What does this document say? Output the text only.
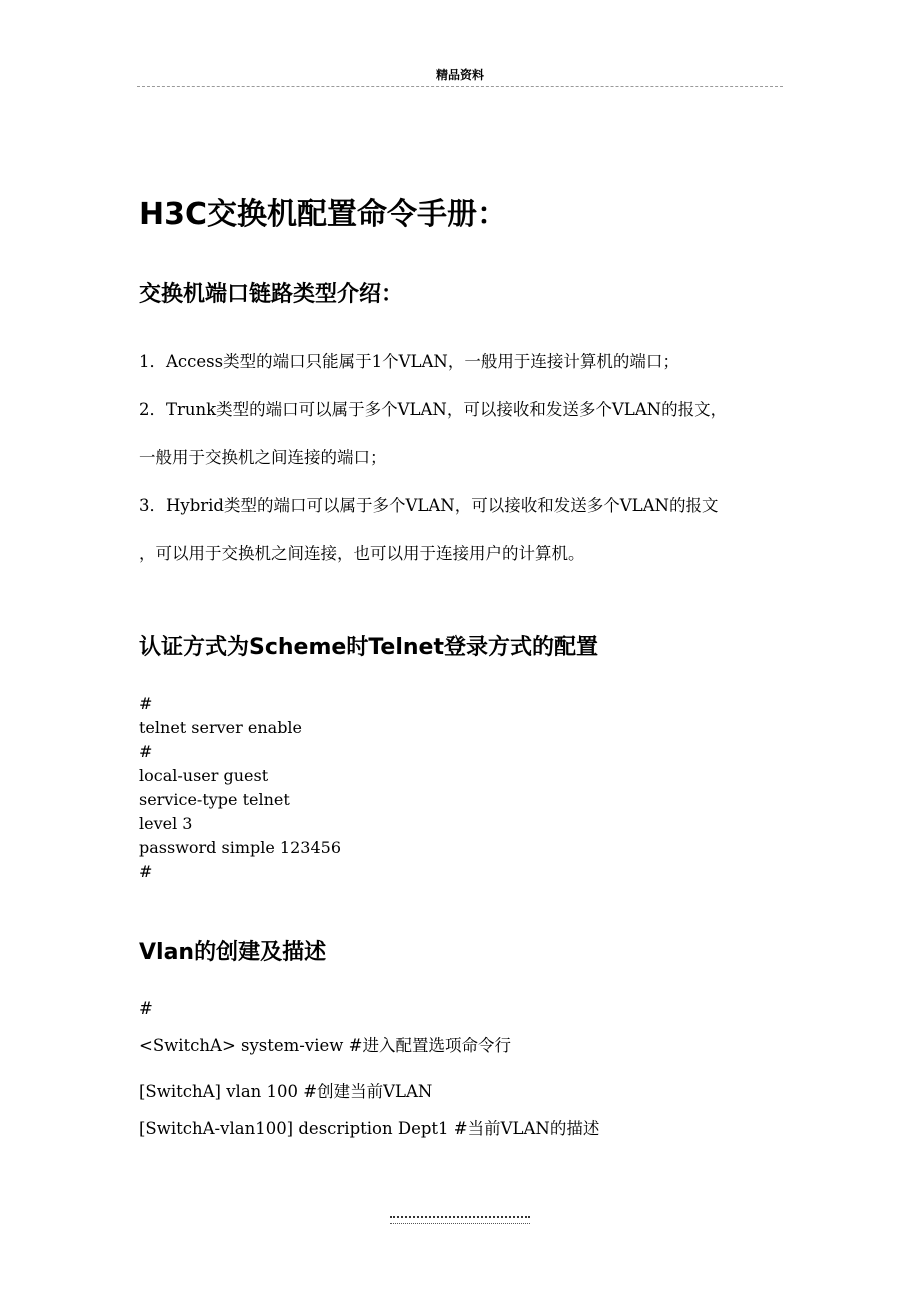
精品资料
H3C交换机配置命令手册：
交换机端口链路类型介绍：
1．Access类型的端口只能属于1个VLAN，一般用于连接计算机的端口；
2．Trunk类型的端口可以属于多个VLAN，可以接收和发送多个VLAN的报文，
一般用于交换机之间连接的端口；
3．Hybrid类型的端口可以属于多个VLAN，可以接收和发送多个VLAN的报文
，可以用于交换机之间连接，也可以用于连接用户的计算机。
认证方式为Scheme时Telnet登录方式的配置
#
telnet server enable
#
local-user guest
service-type telnet
level 3
password simple 123456
#
Vlan的创建及描述
#
<SwitchA> system-view #进入配置选项命令行
[SwitchA] vlan 100 #创建当前VLAN
[SwitchA-vlan100] description Dept1 #当前VLAN的描述
